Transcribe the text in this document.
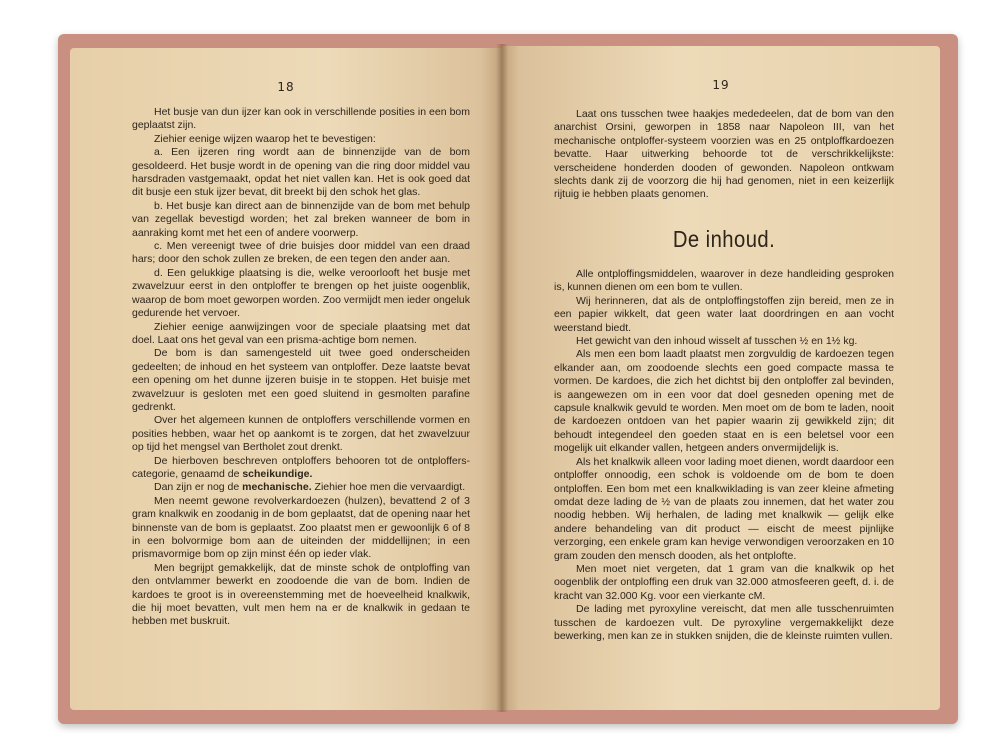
18

Het busje van dun ijzer kan ook in verschillende posities in een bom geplaatst zijn.

Ziehier eenige wijzen waarop het te bevestigen:

a. Een ijzeren ring wordt aan de binnenzijde van de bom gesoldeerd. Het busje wordt in de opening van die ring door middel vau harsdraden vastgemaakt, opdat het niet vallen kan. Het is ook goed dat dit busje een stuk ijzer bevat, dit breekt bij den schok het glas.

b. Het busje kan direct aan de binnenzijde van de bom met behulp van zegellak bevestigd worden; het zal breken wanneer de bom in aanraking komt met het een of andere voorwerp.

c. Men vereenigt twee of drie buisjes door middel van een draad hars; door den schok zullen ze breken, de een tegen den ander aan.

d. Een gelukkige plaatsing is die, welke veroorlooft het busje met zwavelzuur eerst in den ontploffer te brengen op het juiste oogenblik, waarop de bom moet geworpen worden. Zoo vermijdt men ieder ongeluk gedurende het vervoer.

Ziehier eenige aanwijzingen voor de speciale plaatsing met dat doel. Laat ons het geval van een prisma-achtige bom nemen.

De bom is dan samengesteld uit twee goed onderscheiden gedeelten; de inhoud en het systeem van ontploffer. Deze laatste bevat een opening om het dunne ijzeren buisje in te stoppen. Het buisje met zwavelzuur is gesloten met een goed sluitend in gesmolten parafine gedrenkt.

Over het algemeen kunnen de ontploffers verschillende vormen en posities hebben, waar het op aankomt is te zorgen, dat het zwavelzuur op tijd het mengsel van Bertholet zout drenkt.

De hierboven beschreven ontploffers behooren tot de ontploffers-categorie, genaamd de scheikundige.

Dan zijn er nog de mechanische. Ziehier hoe men die vervaardigt.

Men neemt gewone revolverkardoezen (hulzen), bevattend 2 of 3 gram knalkwik en zoodanig in de bom geplaatst, dat de opening naar het binnenste van de bom is geplaatst. Zoo plaatst men er gewoonlijk 6 of 8 in een bolvormige bom aan de uiteinden der middellijnen; in een prismavormige bom op zijn minst één op ieder vlak.

Men begrijpt gemakkelijk, dat de minste schok de ontploffing van den ontvlammer bewerkt en zoodoende die van de bom. Indien de kardoes te groot is in overeenstemming met de hoeveelheid knalkwik, die hij moet bevatten, vult men hem na er de knalkwik in gedaan te hebben met buskruit.

19

Laat ons tusschen twee haakjes mededeelen, dat de bom van den anarchist Orsini, geworpen in 1858 naar Napoleon III, van het mechanische ontploffer-systeem voorzien was en 25 ontploffkardoezen bevatte. Haar uitwerking behoorde tot de verschrikkelijkste: verscheidene honderden dooden of gewonden. Napoleon ontkwam slechts dank zij de voorzorg die hij had genomen, niet in een keizerlijk rijtuig ie hebben plaats genomen.

De inhoud.

Alle ontploffingsmiddelen, waarover in deze handleiding gesproken is, kunnen dienen om een bom te vullen.

Wij herinneren, dat als de ontploffingstoffen zijn bereid, men ze in een papier wikkelt, dat geen water laat doordringen en aan vocht weerstand biedt.

Het gewicht van den inhoud wisselt af tusschen ½ en 1½ kg.

Als men een bom laadt plaatst men zorgvuldig de kardoezen tegen elkander aan, om zoodoende slechts een goed compacte massa te vormen. De kardoes, die zich het dichtst bij den ontploffer zal bevinden, is aangewezen om in een voor dat doel gesneden opening met de capsule knalkwik gevuld te worden. Men moet om de bom te laden, nooit de kardoezen ontdoen van het papier waarin zij gewikkeld zijn; dit behoudt integendeel den goeden staat en is een beletsel voor een mogelijk uit elkander vallen, hetgeen anders onvermijdelijk is.

Als het knalkwik alleen voor lading moet dienen, wordt daardoor een ontploffer onnoodig, een schok is voldoende om de bom te doen ontploffen. Een bom met een knalkwiklading is van zeer kleine afmeting omdat deze lading de ½ van de plaats zou innemen, dat het water zou noodig hebben. Wij herhalen, de lading met knalkwik — gelijk elke andere behandeling van dit product — eischt de meest pijnlijke verzorging, een enkele gram kan hevige verwondigen veroorzaken en 10 gram zouden den mensch dooden, als het ontplofte.

Men moet niet vergeten, dat 1 gram van die knalkwik op het oogenblik der ontploffing een druk van 32.000 atmosfeeren geeft, d. i. de kracht van 32.000 Kg. voor een vierkante cM.

De lading met pyroxyline vereischt, dat men alle tusschenruimten tusschen de kardoezen vult. De pyroxyline vergemakkelijkt deze bewerking, men kan ze in stukken snijden, die de kleinste ruimten vullen.
